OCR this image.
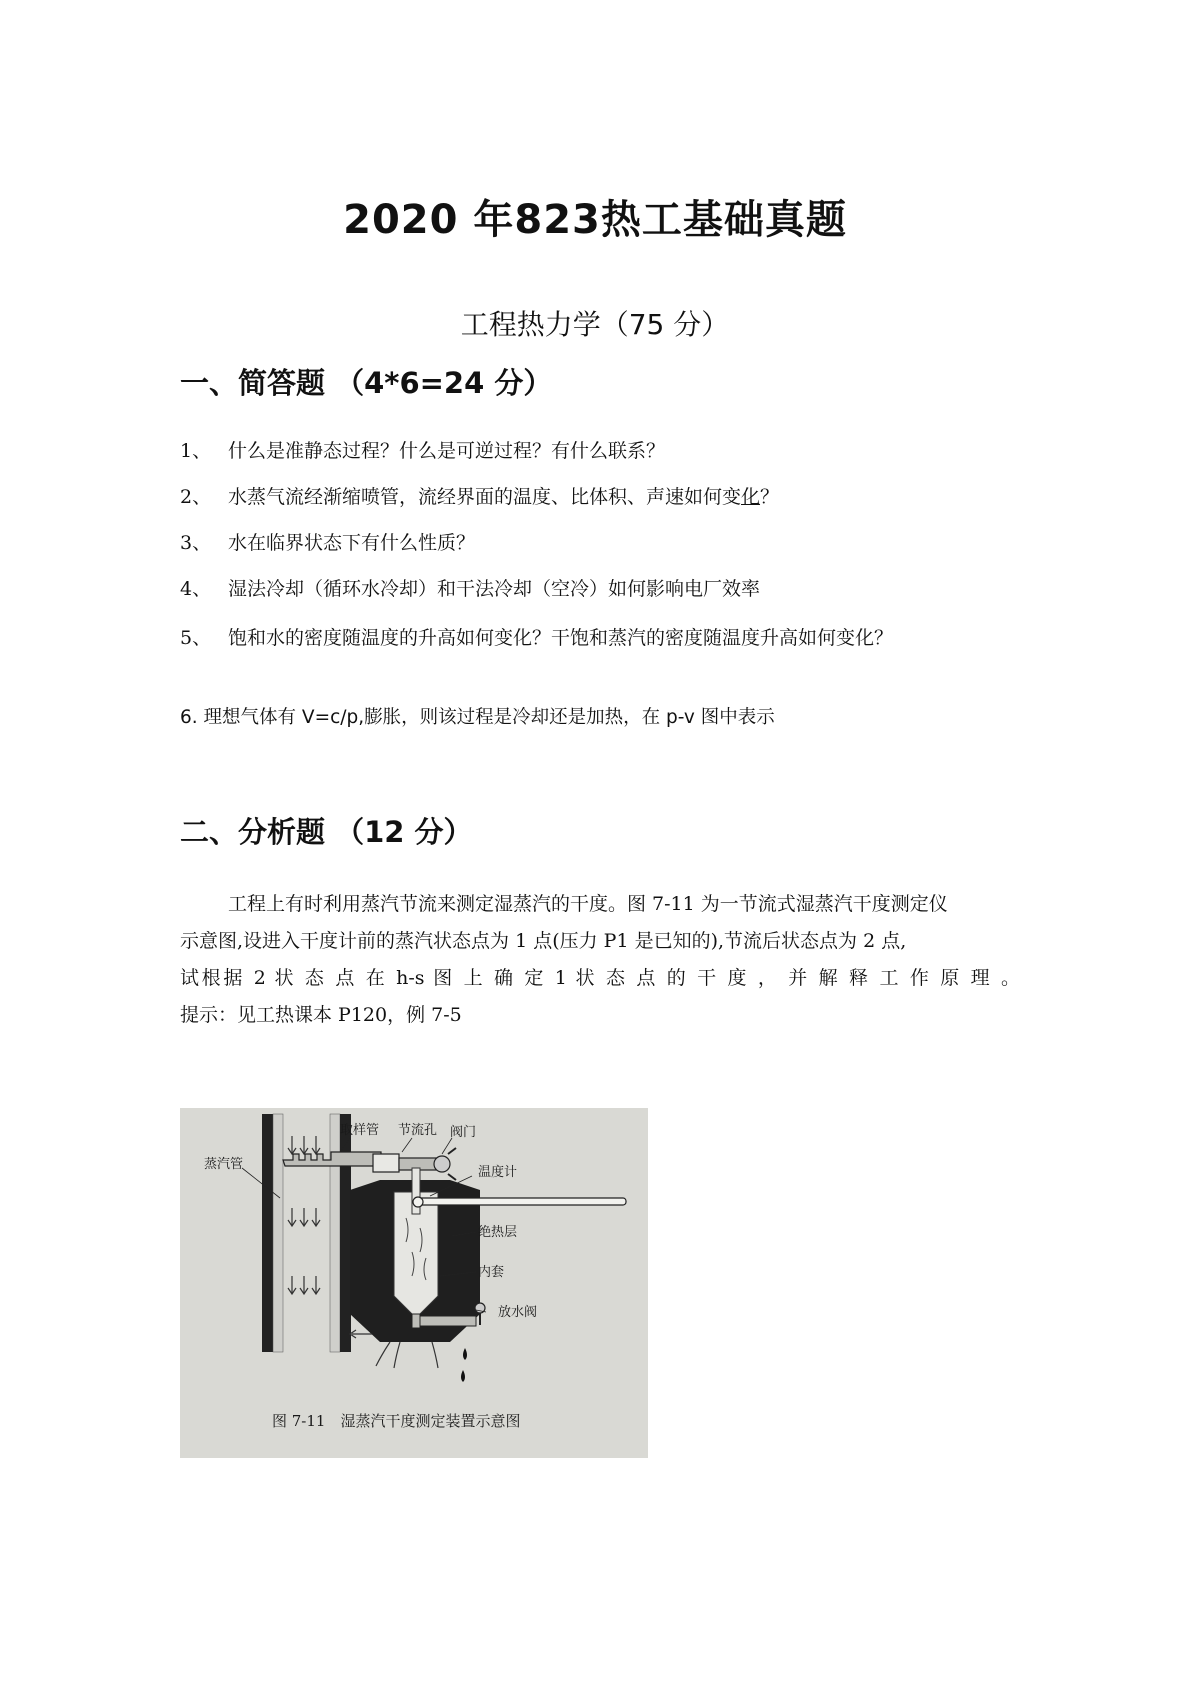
2020 年823热工基础真题
工程热力学（75 分）
一、简答题 （4*6=24 分）
1、 什么是准静态过程？什么是可逆过程？有什么联系？
2、 水蒸气流经渐缩喷管，流经界面的温度、比体积、声速如何变化？
3、 水在临界状态下有什么性质？
4、 湿法冷却（循环水冷却）和干法冷却（空冷）如何影响电厂效率
5、 饱和水的密度随温度的升高如何变化？干饱和蒸汽的密度随温度升高如何变化？
6. 理想气体有 V=c/p,膨胀，则该过程是冷却还是加热，在 p-v 图中表示
二、分析题 （12 分）
工程上有时利用蒸汽节流来测定湿蒸汽的干度。图 7-11 为一节流式湿蒸汽干度测定仪
示意图,设进入干度计前的蒸汽状态点为 1 点(压力 P1 是已知的),节流后状态点为 2 点,
试根据 2 状 态 点 在 h-s 图 上 确 定 1 状 态 点 的 干 度 ， 并 解 释 工 作 原 理 。
提示：见工热课本 P120，例 7-5
蒸汽管
取样管 节流孔 阀门
温度计
绝热层
内套
放水阀
图 7-11　湿蒸汽干度测定装置示意图
